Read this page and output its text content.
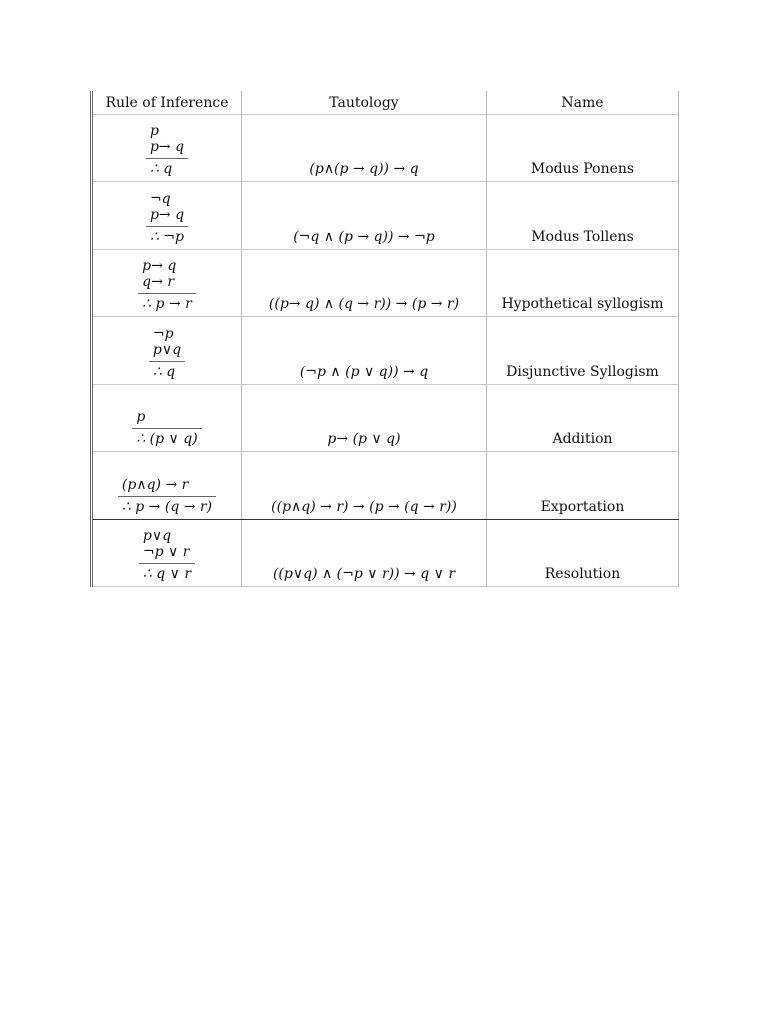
Rule of Inference	Tautology	Name

p
p→ q
∴ q	(p∧(p → q)) → q	Modus Ponens

¬q
p→ q
∴ ¬p	(¬q ∧ (p → q)) → ¬p	Modus Tollens

p→ q
q→ r
∴ p → r	((p→ q) ∧ (q → r)) → (p → r)	Hypothetical syllogism

¬p
p∨q
∴ q	(¬p ∧ (p ∨ q)) → q	Disjunctive Syllogism

$\frac{p}{\therefore (p \vee q)}$	p→ (p ∨ q)	Addition

$\frac{(p\wedge q) \to r}{\therefore p \to (q \to r)}$	((p∧q) → r) → (p → (q → r))	Exportation

p∨q
¬p ∨ r
∴ q ∨ r	((p∨q) ∧ (¬p ∨ r)) → q ∨ r	Resolution
